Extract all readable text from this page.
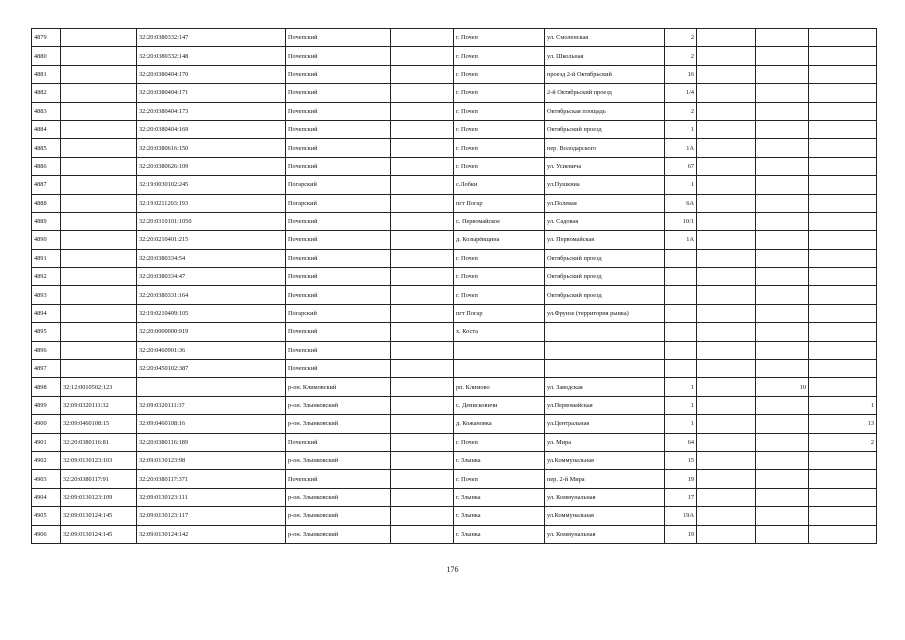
4879		32:20:0380332:147	Почепский		г. Почеп	ул. Смоленская	2			
4880		32:20:0380332:148	Почепский		г. Почеп	ул. Школьная	2			
4881		32:20:0380404:170	Почепский		г. Почеп	проезд 2-й Октябрьский	16			
4882		32:20:0380404:171	Почепский		г. Почеп	2-й Октябрьский проезд	1/4			
4883		32:20:0380404:173	Почепский		г. Почеп	Октябрьская площадь	2			
4884		32:20:0380404:169	Почепский		г. Почеп	Октябрьский проезд	1			
4885		32:20:0380616:150	Почепский		г. Почеп	пер. Володарского	1А			
4886		32:20:0380626:109	Почепский		г. Почеп	ул. Усиевича	67			
4887		32:19:0030102:245	Погарский		с.Лобки	ул.Пушкина	1			
4888		32:19:0211203:193	Погарский		пгт Погар	ул.Полевая	6А			
4889		32:20:0310101:1050	Почепский		с. Первомайское	ул. Садовая	10/1			
4890		32:20:0210401:215	Почепский		д. Козырёвщина	ул. Первомайская	1А			
4891		32:20:0380334:54	Почепский		г. Почеп	Октябрьский проезд				
4892		32:20:0380334:47	Почепский		г. Почеп	Октябрьский проезд				
4893		32:20:0380331:164	Почепский		г. Почеп	Октябрьский проезд				
4894		32:19:0210409:105	Погарский		пгт Погар	ул.Фрунзе (территория рынка)				
4895		32:20:0000000:919	Почепский		х. Коста					
4896		32:20:0460901:36	Почепский							
4897		32:20:0450102:387	Почепский							
4898	32:12:0010502:123		р-он. Климовский		рп. Климово	ул. Заводская	1		10	
4899	32:09:0320111:32	32:09:0320111:37	р-он. Злынковский		с. Денисковичи	ул.Первомайская	1			1
4900	32:09:0460108:15	32:09:0460108:16	р-он. Злынковский		д. Кожановка	ул.Центральная	1			13
4901	32:20:0380116:81	32:20:0380116:189	Почепский		г. Почеп	ул. Мира	64			2
4902	32:09:0130123:103	32:09:0130123:98	р-он. Злынковский		г. Злынка	ул.Коммунальная	15			
4903	32:20:0380117:91	32:20:0380117:371	Почепский		г. Почеп	пер. 2-й Мира	19			
4904	32:09:0130123:109	32:09:0130123:111	р-он. Злынковский		г. Злынка	ул. Коммунальная	17			
4905	32:09:0130124:145	32:09:0130123:117	р-он. Злынковский		г. Злынка	ул.Коммунальная	19А			
4906	32:09:0130124:145	32:09:0130124:142	р-он. Злынковский		г. Злынка	ул. Коммунальная	19			
176
